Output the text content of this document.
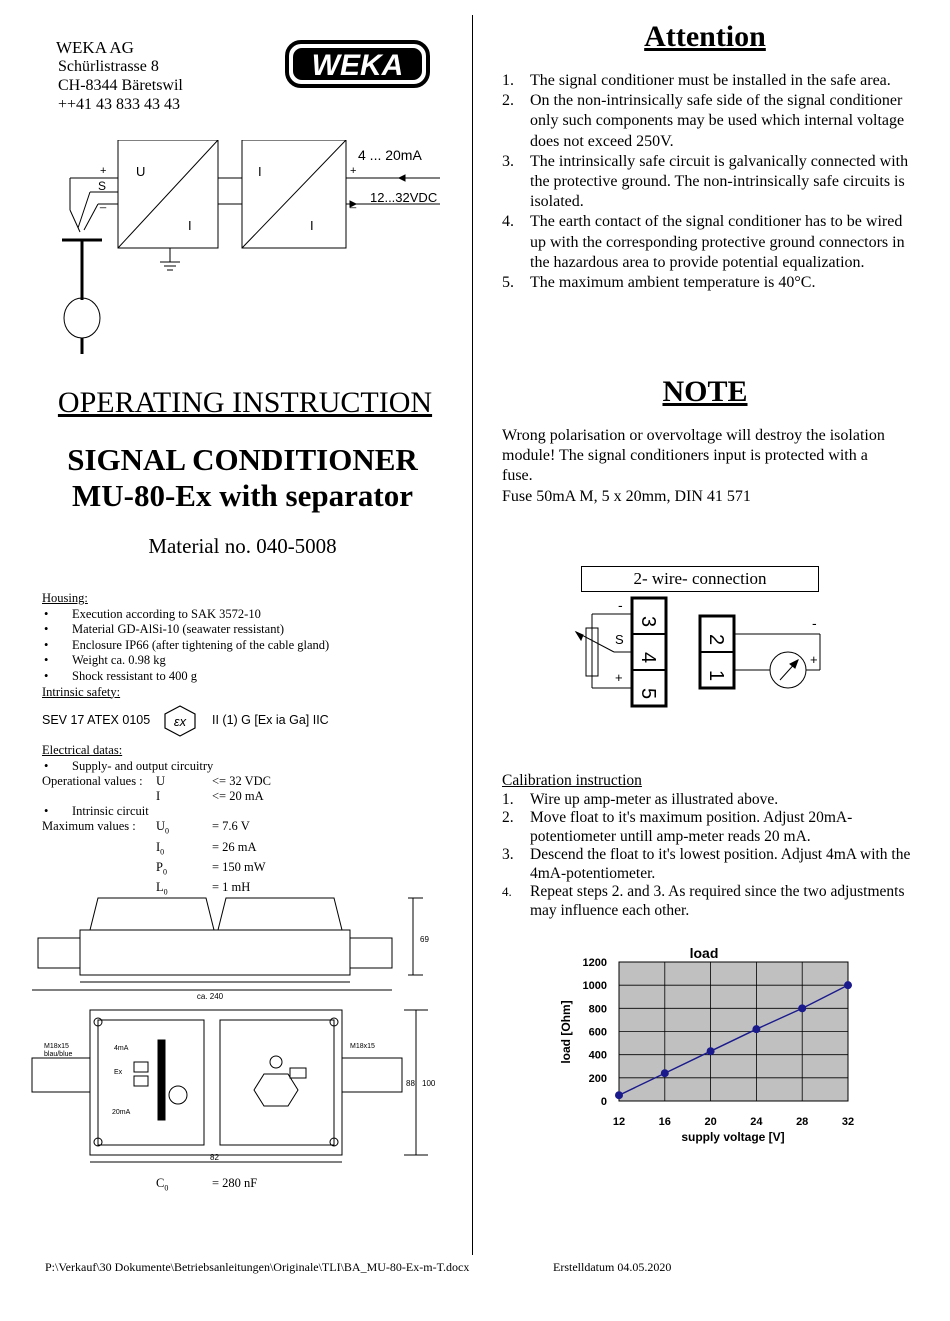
WEKA AG
Schürlistrasse 8
CH-8344 Bäretswil
++41 43 833 43 43
WEKA
+
S
_
U
I
I
I
4 ... 20mA
+
12...32VDC
_
OPERATING INSTRUCTION
SIGNAL CONDITIONER
MU-80-Ex with separator
Material no. 040-5008
Housing:
• Execution according to SAK 3572-10
• Material GD-AlSi-10 (seawater ressistant)
• Enclosure IP66 (after tightening of the cable gland)
• Weight ca. 0.98 kg
• Shock ressistant to 400 g
Intrinsic safety:
SEV 17 ATEX 0105 εx II (1) G [Ex ia Ga] IIC
Electrical datas:
• Supply- and output circuitry
Operational values :	U	<= 32 VDC
	I	<= 20 mA
• Intrinsic circuit
Maximum values :	$U_0$	= 7.6 V
	$I_0$	= 26 mA
	$P_0$	= 150 mW
	$L_0$	= 1 mH
ca. 240
69
88 100
82
M18x15
blau/blue
M18x15
4mA
Ex
20mA
$C_0$	= 280 nF
Attention
1. The signal conditioner must be installed in the safe area.
2. On the non-intrinsically safe side of the signal conditioner only such components may be used which internal voltage does not exceed 250V.
3. The intrinsically safe circuit is galvanically connected with the protective ground. The non-intrinsically safe circuits is isolated.
4. The earth contact of the signal conditioner has to be wired up with the corresponding protective ground connectors in the hazardous area to provide potential equalization.
5. The maximum ambient temperature is 40°C.
NOTE
Wrong polarisation or overvoltage will destroy the isolation module! The signal conditioners input is protected with a fuse.
Fuse 50mA M, 5 x 20mm, DIN 41 571
2- wire- connection
-
S
+
-
+
3
4
5
2
1
Calibration instruction
1. Wire up amp-meter as illustrated above.
2. Move float to it's maximum position. Adjust 20mA-potentiometer untill amp-meter reads 20 mA.
3. Descend the float to it's lowest position. Adjust 4mA with the 4mA-potentiometer.
4. Repeat steps 2. and 3. As required since the two adjustments may influence each other.
0
200
400
600
800
1000
1200
12	16	20	24	28	32
load
supply voltage [V]
load [Ohm]
P:\Verkauf\30 Dokumente\Betriebsanleitungen\Originale\TLI\BA_MU-80-Ex-m-T.docx	Erstelldatum 04.05.2020
